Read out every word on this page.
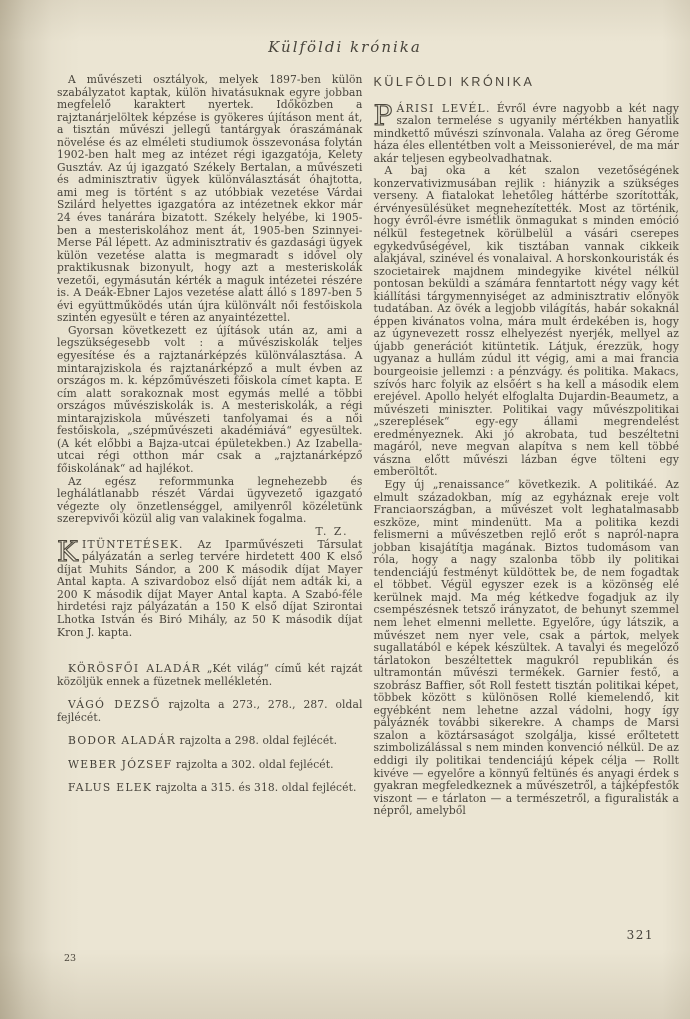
Külföldi krónika

A művészeti osztályok, melyek 1897-ben külön szabályzatot kaptak, külön hivatásuknak egyre jobban megfelelő karaktert nyertek. Időközben a rajztanárjelöltek képzése is gyökeres újításon ment át, a tisztán művészi jellegű tantárgyak óraszámának növelése és az elméleti studiumok összevonása folytán 1902-ben halt meg az intézet régi igazgatója, Kelety Gusztáv. Az új igazgató Székely Bertalan, a művészeti és adminisztrativ ügyek különválasztását óhajtotta, ami meg is történt s az utóbbiak vezetése Várdai Szilárd helyettes igazgatóra az intézetnek ekkor már 24 éves tanárára bizatott. Székely helyébe, ki 1905-ben a mesteriskolához ment át, 1905-ben Szinnyei-Merse Pál lépett. Az adminisztrativ és gazdasági ügyek külön vezetése alatta is megmaradt s idővel oly praktikusnak bizonyult, hogy azt a mesteriskolák vezetői, egymásután kérték a maguk intézetei részére is. A Deák-Ebner Lajos vezetése alatt álló s 1897-ben 5 évi együttműködés után újra különvált női festőiskola szintén egyesült e téren az anyaintézettel.

Gyorsan következett ez újítások után az, ami a legszükségesebb volt : a művésziskolák teljes egyesítése és a rajztanárképzés különválasztása. A mintarajziskola és rajztanárképző a mult évben az országos m. k. képzőművészeti főiskola címet kapta. E cím alatt sorakoznak most egymás mellé a többi országos művésziskolák is. A mesteriskolák, a régi mintarajziskola művészeti tanfolyamai és a női festőiskola, „szépművészeti akadémiává“ egyesültek. (A két előbbi a Bajza-utcai épületekben.) Az Izabella-utcai régi otthon már csak a „rajztanárképző főiskolának“ ad hajlékot.

Az egész reformmunka legnehezebb és leghálátlanabb részét Várdai ügyvezető igazgató végezte oly önzetlenséggel, amilyenről közéletünk szerepvivői közül alig van valakinek fogalma.
T. Z.

KITÜNTETÉSEK. Az Iparművészeti Társulat pályázatán a serleg tervére hirdetett 400 K első díjat Muhits Sándor, a 200 K második díjat Mayer Antal kapta. A szivardoboz első díját nem adták ki, a 200 K második díjat Mayer Antal kapta. A Szabó-féle hirdetési rajz pályázatán a 150 K első díjat Szirontai Lhotka István és Biró Mihály, az 50 K második díjat Kron J. kapta.

KÖRÖSFŐI ALADÁR „Két világ“ című két rajzát közöljük ennek a füzetnek mellékletén.

VÁGÓ DEZSŐ rajzolta a 273., 278., 287. oldal fejlécét.

BODOR ALADÁR rajzolta a 298. oldal fejlécét.

WEBER JÓZSEF rajzolta a 302. oldal fejlécét.

FALUS ELEK rajzolta a 315. és 318. oldal fejlécét.

KÜLFÖLDI KRÓNIKA

PÁRISI LEVÉL. Évről évre nagyobb a két nagy szalon termelése s ugyanily mértékben hanyatlik mindkettő művészi színvonala. Valaha az öreg Gérome háza éles ellentétben volt a Meissonierével, de ma már akár teljesen egybeolvadhatnak.

A baj oka a két szalon vezetőségének konzervativizmusában rejlik : hiányzik a szükséges verseny. A fiatalokat lehetőleg háttérbe szorították, érvényesülésüket megnehezítették. Most az történik, hogy évről-évre ismétlik önmagukat s minden emóció nélkül festegetnek körülbelül a vásári cserepes egykedvűségével, kik tisztában vannak cikkeik alakjával, szinével és vonalaival. A horskonkouristák és szocietairek majdnem mindegyike kivétel nélkül pontosan beküldi a számára fenntartott négy vagy két kiállítási tárgymennyiséget az adminisztrativ előnyök tudatában. Az övék a legjobb világítás, habár sokaknál éppen kivánatos volna, mára mult érdekében is, hogy az úgynevezett rossz elhelyezést nyerjék, mellyel az újabb generációt kitüntetik. Látjuk, érezzük, hogy ugyanaz a hullám zúdul itt végig, ami a mai francia bourgeoisie jellemzi : a pénzvágy. és politika. Makacs, szívós harc folyik az elsőért s ha kell a második elem erejével. Apollo helyét elfoglalta Dujardin-Beaumetz, a művészeti miniszter. Politikai vagy művészpolitikai „szereplések“ egy-egy állami megrendelést eredményeznek. Aki jó akrobata, tud beszéltetni magáról, neve megvan alapítva s nem kell többé vászna előtt művészi lázban égve tölteni egy emberöltőt.

Egy új „renaissance“ következik. A politikáé. Az elmult századokban, míg az egyháznak ereje volt Franciaországban, a művészet volt leghatalmasabb eszköze, mint mindenütt. Ma a politika kezdi felismerni a művészetben rejlő erőt s napról-napra jobban kisajátítja magának. Biztos tudomásom van róla, hogy a nagy szalonba több ily politikai tendenciájú festményt küldöttek be, de nem fogadtak el többet. Végül egyszer ezek is a közönség elé kerülnek majd. Ma még kétkedve fogadjuk az ily csempészésnek tetsző irányzatot, de behunyt szemmel nem lehet elmenni mellette. Egyelőre, úgy látszik, a művészet nem nyer vele, csak a pártok, melyek sugallatából e képek készültek. A tavalyi és megelőző tárlatokon beszéltettek magukról republikán és ultramontán művészi termékek. Garnier festő, a szobrász Baffier, sőt Roll festett tisztán politikai képet, többek között s különösen Rollé kiemelendő, kit egyébként nem lehetne azzal vádolni, hogy így pályáznék további sikerekre. A champs de Marsi szalon a köztársaságot szolgálja, kissé erőltetett szimbolizálással s nem minden konvenció nélkül. De az eddigi ily politikai tendenciájú képek célja — Rollt kivéve — egyelőre a könnyű feltünés és anyagi érdek s gyakran megfeledkeznek a művészetről, a tájképfestők viszont — e tárlaton — a természetről, a figuralisták a népről, amelyből

23
321
